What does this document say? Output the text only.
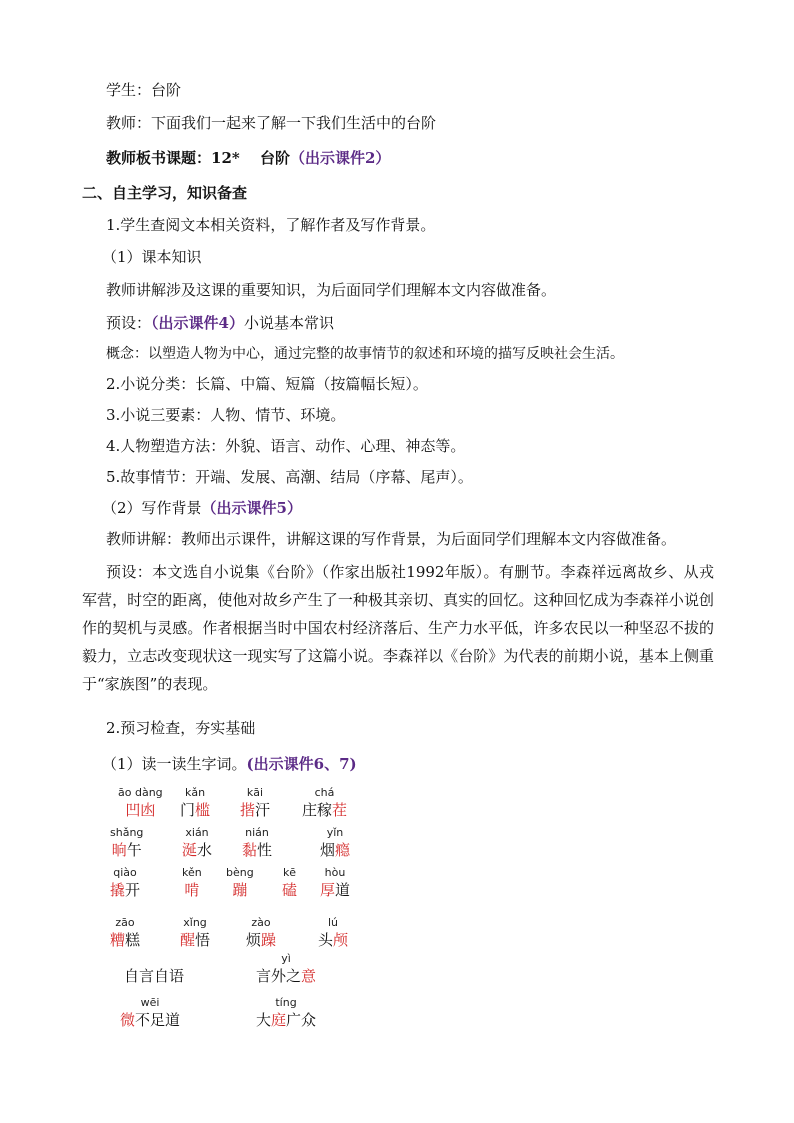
学生：台阶
教师：下面我们一起来了解一下我们生活中的台阶
教师板书课题：12*　 台阶（出示课件2）
二、自主学习，知识备查
1.学生查阅文本相关资料，了解作者及写作背景。
（1）课本知识
教师讲解涉及这课的重要知识，为后面同学们理解本文内容做准备。
预设：（出示课件4）小说基本常识
概念：以塑造人物为中心，通过完整的故事情节的叙述和环境的描写反映社会生活。
2.小说分类：长篇、中篇、短篇（按篇幅长短）。
3.小说三要素：人物、情节、环境。
4.人物塑造方法：外貌、语言、动作、心理、神态等。
5.故事情节：开端、发展、高潮、结局（序幕、尾声）。
（2）写作背景（出示课件5）
教师讲解：教师出示课件，讲解这课的写作背景，为后面同学们理解本文内容做准备。
预设：本文选自小说集《台阶》（作家出版社1992年版）。有删节。李森祥远离故乡、从戎军营，时空的距离，使他对故乡产生了一种极其亲切、真实的回忆。这种回忆成为李森祥小说创作的契机与灵感。作者根据当时中国农村经济落后、生产力水平低，许多农民以一种坚忍不拔的毅力，立志改变现状这一现实写了这篇小说。李森祥以《台阶》为代表的前期小说，基本上侧重于“家族图”的表现。
2.预习检查，夯实基础
（1）读一读生字词。(出示课件6、7)
āo dàng
凹凼
kǎn
门槛
kāi
揩汗
chá
庄稼茬
shǎng
晌午
xián
涎水
nián
黏性
yǐn
烟瘾
qiào
撬开
kěn
啃
bèng
蹦
kē
磕
hòu
厚道
zāo
糟糕
xǐng
醒悟
zào
烦躁
lú
头颅
自言自语
yì
言外之意
wēi
微不足道
tíng
大庭广众
